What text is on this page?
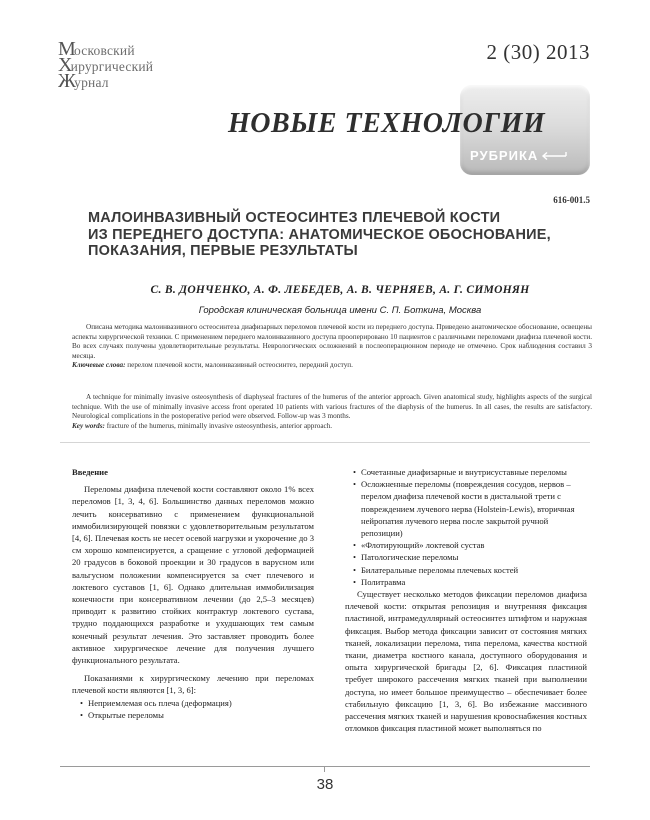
Московский
Хирургический
Журнал
2 (30) 2013
РУБРИКА
НОВЫЕ ТЕХНОЛОГИИ
616-001.5
МАЛОИНВАЗИВНЫЙ ОСТЕОСИНТЕЗ ПЛЕЧЕВОЙ КОСТИ
ИЗ ПЕРЕДНЕГО ДОСТУПА: АНАТОМИЧЕСКОЕ ОБОСНОВАНИЕ,
ПОКАЗАНИЯ, ПЕРВЫЕ РЕЗУЛЬТАТЫ
С. В. ДОНЧЕНКО, А. Ф. ЛЕБЕДЕВ, А. В. ЧЕРНЯЕВ, А. Г. СИМОНЯН
Городская клиническая больница имени С. П. Боткина, Москва

Описана методика малоинвазивного остеосинтеза диафизарных переломов плечевой кости из переднего доступа. Приведено анатомическое обоснование, освещены аспекты хирургической техники. С применением переднего малоинвазивного доступа прооперировано 10 пациентов с различными переломами диафиза плечевой кости. Во всех случаях получены удовлетворительные результаты. Неврологических осложнений в послеоперационном периоде не отмечено. Срок наблюдения составил 3 месяца.

Ключевые слова: перелом плечевой кости, малоинвазивный остеосинтез, передний доступ.

A technique for minimally invasive osteosynthesis of diaphyseal fractures of the humerus of the anterior approach. Given anatomical study, highlights aspects of the surgical technique. With the use of minimally invasive access front operated 10 patients with various fractures of the diaphysis of the humerus. In all cases, the results are satisfactory. Neurological complications in the postoperative period were observed. Follow-up was 3 months.

Key words: fracture of the humerus, minimally invasive osteosynthesis, anterior approach.

Введение

Переломы диафиза плечевой кости составляют около 1% всех переломов [1, 3, 4, 6]. Большинство данных переломов можно лечить консервативно с применением функциональной иммобилизирующей повязки с удовлетворительным результатом [4, 6]. Плечевая кость не несет осевой нагрузки и укорочение до 3 см хорошо компенсируется, а сращение с угловой деформацией 20 градусов в боковой проекции и 30 градусов в варусном или вальгусном положении компенсируется за счет плечевого и локтевого суставов [1, 6]. Однако длительная иммобилизация конечности при консервативном лечении (до 2,5–3 месяцев) приводит к развитию стойких контрактур локтевого сустава, трудно поддающихся разработке и ухудшающих тем самым конечный результат лечения. Это заставляет проводить более активное хирургическое лечение для получения лучшего функционального результата.

Показаниями к хирургическому лечению при переломах плечевой кости являются [1, 3, 6]:

• Неприемлемая ось плеча (деформация)
• Открытые переломы
• Сочетанные диафизарные и внутрисуставные переломы
• Осложненные переломы (повреждения сосудов, нервов – перелом диафиза плечевой кости в дистальной трети с повреждением лучевого нерва (Holstein-Lewis), вторичная нейропатия лучевого нерва после закрытой ручной репозиции)
• «Флотирующий» локтевой сустав
• Патологические переломы
• Билатеральные переломы плечевых костей
• Политравма

Существует несколько методов фиксации переломов диафиза плечевой кости: открытая репозиция и внутренняя фиксация пластиной, интрамедуллярный остеосинтез штифтом и наружная фиксация. Выбор метода фиксации зависит от состояния мягких тканей, локализации перелома, типа перелома, качества костной ткани, диаметра костного канала, доступного оборудования и опыта хирургической бригады [2, 6]. Фиксация пластиной требует широкого рассечения мягких тканей при выполнении доступа, но имеет большое преимущество – обеспечивает более стабильную фиксацию [1, 3, 6]. Во избежание массивного рассечения мягких тканей и нарушения кровоснабжения костных отломков фиксация пластиной может выполняться по

38
